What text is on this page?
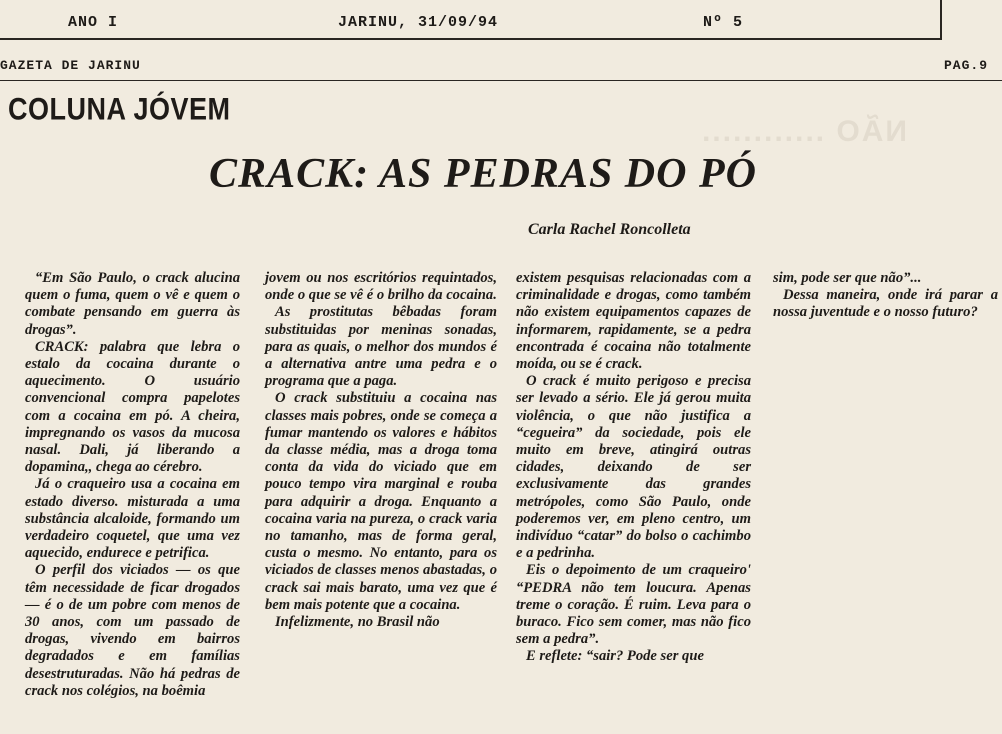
ANO I	JARINU, 31/09/94	Nº 5
GAZETA DE JARINU	PAG.9
NÃO ............
COLUNA JÓVEM
CRACK: AS PEDRAS DO PÓ
Carla Rachel Roncolleta

“Em São Paulo, o crack alucina quem o fuma, quem o vê e quem o combate pensando em guerra às drogas”.

CRACK: palabra que lebra o estalo da cocaina durante o aquecimento. O usuário convencional compra papelotes com a cocaina em pó. A cheira, impregnando os vasos da mucosa nasal. Dali, já liberando a dopamina,, chega ao cérebro.

Já o craqueiro usa a cocaina em estado diverso. misturada a uma substância alcaloide, formando um verdadeiro coquetel, que uma vez aquecido, endurece e petrifica.

O perfil dos viciados — os que têm necessidade de ficar drogados — é o de um pobre com menos de 30 anos, com um passado de drogas, vivendo em bairros degradados e em famílias desestruturadas. Não há pedras de crack nos colégios, na boêmia

jovem ou nos escritórios requintados, onde o que se vê é o brilho da cocaina.

As prostitutas bêbadas foram substituidas por meninas sonadas, para as quais, o melhor dos mundos é a alternativa antre uma pedra e o programa que a paga.

O crack substituiu a cocaina nas classes mais pobres, onde se começa a fumar mantendo os valores e hábitos da classe média, mas a droga toma conta da vida do viciado que em pouco tempo vira marginal e rouba para adquirir a droga. Enquanto a cocaina varia na pureza, o crack varia no tamanho, mas de forma geral, custa o mesmo. No entanto, para os viciados de classes menos abastadas, o crack sai mais barato, uma vez que é bem mais potente que a cocaina.

Infelizmente, no Brasil não

existem pesquisas relacionadas com a criminalidade e drogas, como também não existem equipamentos capazes de informarem, rapidamente, se a pedra encontrada é cocaina não totalmente moída, ou se é crack.

O crack é muito perigoso e precisa ser levado a sério. Ele já gerou muita violência, o que não justifica a “cegueira” da sociedade, pois ele muito em breve, atingirá outras cidades, deixando de ser exclusivamente das grandes metrópoles, como São Paulo, onde poderemos ver, em pleno centro, um indivíduo “catar” do bolso o cachimbo e a pedrinha.

Eis o depoimento de um craqueiro' “PEDRA não tem loucura. Apenas treme o coração. É ruim. Leva para o buraco. Fico sem comer, mas não fico sem a pedra”.

E reflete: “sair? Pode ser que

sim, pode ser que não”...

Dessa maneira, onde irá parar a nossa juventude e o nosso futuro?
